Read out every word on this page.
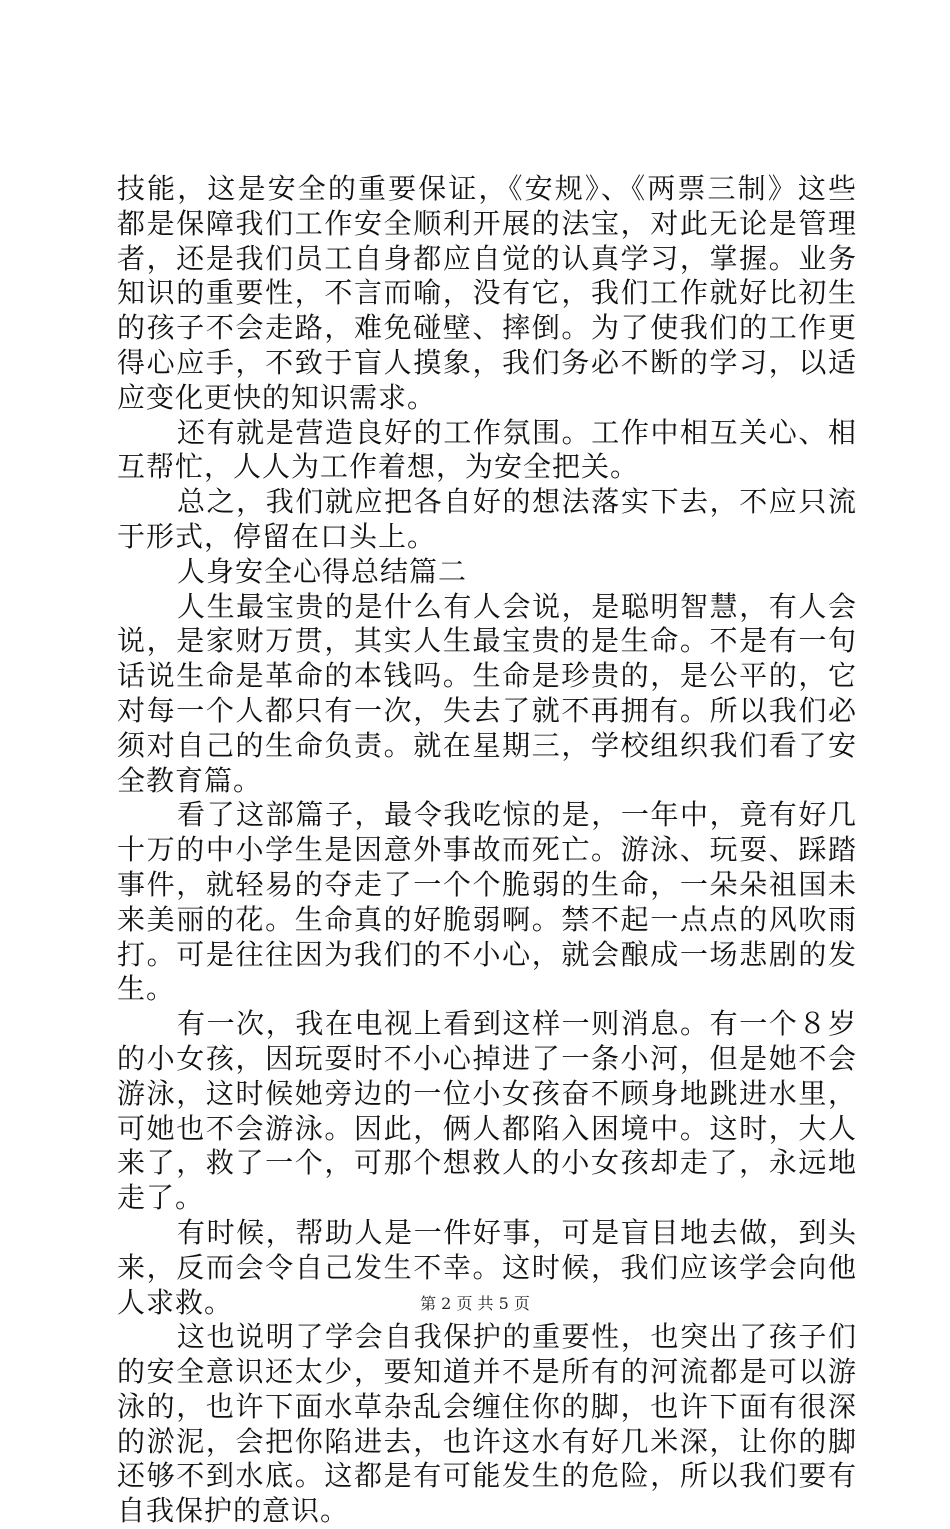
技能，这是安全的重要保证，《安规》、《两票三制》这些都是保障我们工作安全顺利开展的法宝，对此无论是管理者，还是我们员工自身都应自觉的认真学习，掌握。业务知识的重要性，不言而喻，没有它，我们工作就好比初生的孩子不会走路，难免碰壁、摔倒。为了使我们的工作更得心应手，不致于盲人摸象，我们务必不断的学习，以适应变化更快的知识需求。

还有就是营造良好的工作氛围。工作中相互关心、相互帮忙，人人为工作着想，为安全把关。

总之，我们就应把各自好的想法落实下去，不应只流于形式，停留在口头上。

人身安全心得总结篇二

人生最宝贵的是什么有人会说，是聪明智慧，有人会说，是家财万贯，其实人生最宝贵的是生命。不是有一句话说生命是革命的本钱吗。生命是珍贵的，是公平的，它对每一个人都只有一次，失去了就不再拥有。所以我们必须对自己的生命负责。就在星期三，学校组织我们看了安全教育篇。

看了这部篇子，最令我吃惊的是，一年中，竟有好几十万的中小学生是因意外事故而死亡。游泳、玩耍、踩踏事件，就轻易的夺走了一个个脆弱的生命，一朵朵祖国未来美丽的花。生命真的好脆弱啊。禁不起一点点的风吹雨打。可是往往因为我们的不小心，就会酿成一场悲剧的发生。

有一次，我在电视上看到这样一则消息。有一个８岁的小女孩，因玩耍时不小心掉进了一条小河，但是她不会游泳，这时候她旁边的一位小女孩奋不顾身地跳进水里，可她也不会游泳。因此，俩人都陷入困境中。这时，大人来了，救了一个，可那个想救人的小女孩却走了，永远地走了。

有时候，帮助人是一件好事，可是盲目地去做，到头来，反而会令自己发生不幸。这时候，我们应该学会向他人求救。

这也说明了学会自我保护的重要性，也突出了孩子们的安全意识还太少，要知道并不是所有的河流都是可以游泳的，也许下面水草杂乱会缠住你的脚，也许下面有很深的淤泥，会把你陷进去，也许这水有好几米深，让你的脚还够不到水底。这都是有可能发生的危险，所以我们要有自我保护的意识。

第 2 页 共 5 页
